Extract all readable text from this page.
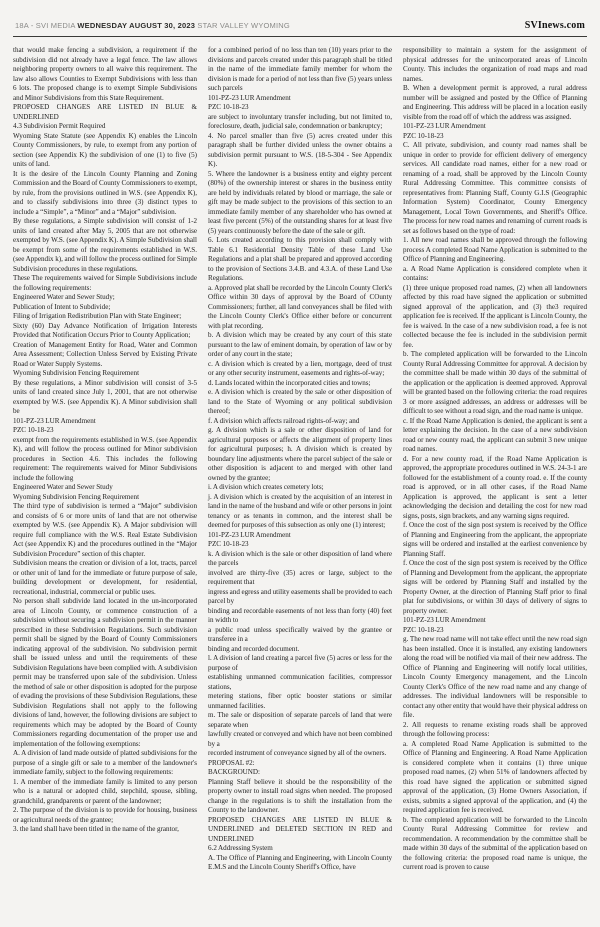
18A - SVI MEDIA WEDNESDAY AUGUST 30, 2023 STAR VALLEY WYOMING	SVInews.com

that would make fencing a subdivision, a requirement if the subdivision did not already have a legal fence. The law allows neighboring property owners to all waive this requirement. The law also allows Counties to Exempt Subdivisions with less than 6 lots. The proposed change is to exempt Simple Subdivisions and Minor Subdivisions from this State Requirement.

PROPOSED CHANGES ARE LISTED IN BLUE & UNDERLINED

4.3 Subdivision Permit Required

Wyoming State Statute (see Appendix K) enables the Lincoln County Commissioners, by rule, to exempt from any portion of section (see Appendix K) the subdivision of one (1) to five (5) units of land.

It is the desire of the Lincoln County Planning and Zoning Commission and the Board of County Commissioners to exempt, by rule, from the provisions outlined in W.S. (see Appendix K), and to classify subdivisions into three (3) distinct types to include a “Simple”, a “Minor” and a “Major” subdivision.

By these regulations, a Simple subdivision will consist of 1-2 units of land created after May 5, 2005 that are not otherwise exempted by W.S. (see Appendix K). A Simple Subdivision shall be exempt from some of the requirements established in W.S. (see Appendix k), and will follow the process outlined for Simple Subdivision procedures in these regulations.

These The requirements waived for Simple Subdivisions include the following requirements:

Engineered Water and Sewer Study;

Publication of Intent to Subdivide;

Filing of Irrigation Redistribution Plan with State Engineer;

Sixty (60) Day Advance Notification of Irrigation Interests Provided that Notification Occurs Prior to County Application;

Creation of Management Entity for Road, Water and Common Area Assessment; Collection Unless Served by Existing Private Road or Water Supply Systems.

Wyoming Subdivision Fencing Requirement

By these regulations, a Minor subdivision will consist of 3-5 units of land created since July 1, 2001, that are not otherwise exempted by W.S. (see Appendix K). A Minor subdivision shall be

101-PZ-23 LUR Amendment

PZC 10-18-23

exempt from the requirements established in W.S. (see Appendix K), and will follow the process outlined for Minor subdivision procedures in Section 4.6. This includes the following requirement: The requirements waived for Minor Subdivisions include the following

Engineered Water and Sewer Study

Wyoming Subdivision Fencing Requirement

The third type of subdivision is termed a “Major” subdivision and consists of 6 or more units of land that are not otherwise exempted by W.S. (see Appendix K). A Major subdivision will require full compliance with the W.S. Real Estate Subdivision Act (see Appendix K) and the procedures outlined in the “Major Subdivision Procedure” section of this chapter.

Subdivision means the creation or division of a lot, tracts, parcel or other unit of land for the immediate or future purpose of sale, building development or development, for residential, recreational, industrial, commercial or public uses.

No person shall subdivide land located in the un-incorporated area of Lincoln County, or commence construction of a subdivision without securing a subdivision permit in the manner prescribed in these Subdivision Regulations. Such subdivision permit shall be signed by the Board of County Commissioners indicating approval of the subdivision. No subdivision permit shall be issued unless and until the requirements of these Subdivision Regulations have been complied with. A subdivision permit may be transferred upon sale of the subdivision. Unless the method of sale or other disposition is adopted for the purpose of evading the provisions of these Subdivision Regulations, these Subdivision Regulations shall not apply to the following divisions of land, however, the following divisions are subject to requirements which may be adopted by the Board of County Commissioners regarding documentation of the proper use and implementation of the following exemptions:

A. A division of land made outside of platted subdivisions for the purpose of a single gift or sale to a member of the landowner's immediate family, subject to the following requirements:

1. A member of the immediate family is limited to any person who is a natural or adopted child, stepchild, spouse, sibling, grandchild, grandparents or parent of the landowner;

2. The purpose of the division is to provide for housing, business or agricultural needs of the grantee;

3. the land shall have been titled in the name of the grantor,

for a combined period of no less than ten (10) years prior to the divisions and parcels created under this paragraph shall be titled in the name of the immediate family member for whom the division is made for a period of not less than five (5) years unless such parcels

101-PZ-23 LUR Amendment

PZC 10-18-23

are subject to involuntary transfer including, but not limited to, foreclosure, death, judicial sale, condemnation or bankruptcy;

4. No parcel smaller than five (5) acres created under this paragraph shall be further divided unless the owner obtains a subdivision permit pursuant to W.S. (18-5-304 - See Appendix K).

5. Where the landowner is a business entity and eighty percent (80%) of the ownership interest or shares in the business entity are held by individuals related by blood or marriage, the sale or gift may be made subject to the provisions of this section to an immediate family member of any shareholder who has owned at least five percent (5%) of the outstanding shares for at least five (5) years continuously before the date of the sale or gift.

6. Lots created according to this provision shall comply with Table 6.1 Residential Density Table of these Land Use Regulations and a plat shall be prepared and approved according to the provision of Sections 3.4.B. and 4.3.A. of these Land Use Regulations.

a. Approved plat shall be recorded by the Lincoln County Clerk's Office within 30 days of approval by the Board of COunty Commissioners; further, all land conveyances shall be filed with the Lincoln County Clerk's Office either before or concurrent with plat recording.

b. A division which may be created by any court of this state pursuant to the law of eminent domain, by operation of law or by order of any court in the state;

c. A division which is created by a lien, mortgage, deed of trust or any other security instrument, easements and rights-of-way;

d. Lands located within the incorporated cities and towns;

e. A division which is created by the sale or other disposition of land to the State of Wyoming or any political subdivision thereof;

f. A division which affects railroad rights-of-way; and

g. A division which is a sale or other disposition of land for agricultural purposes or affects the alignment of property lines for agricultural purposes; h. A division which is created by boundary line adjustments where the parcel subject of the sale or other disposition is adjacent to and merged with other land owned by the grantee;

i. A division which creates cemetery lots;

j. A division which is created by the acquisition of an interest in land in the name of the husband and wife or other persons in joint tenancy or as tenants in common, and the interest shall be deemed for purposes of this subsection as only one (1) interest;

101-PZ-23 LUR Amendment

PZC 10-18-23

k. A division which is the sale or other disposition of land where the parcels

involved are thirty-five (35) acres or large, subject to the requirement that

ingress and egress and utility easements shall be provided to each parcel by

binding and recordable easements of not less than forty (40) feet in width to

a public road unless specifically waived by the grantee or transferee in a

binding and recorded document.

l. A division of land creating a parcel five (5) acres or less for the purpose of

establishing unmanned communication facilities, compressor stations,

metering stations, fiber optic booster stations or similar unmanned facilities.

m. The sale or disposition of separate parcels of land that were separate when

lawfully created or conveyed and which have not been combined by a

recorded instrument of conveyance signed by all of the owners.

PROPOSAL #2:

BACKGROUND:

Planning Staff believe it should be the responsibility of the property owner to install road signs when needed. The proposed change in the regulations is to shift the installation from the County to the landowner.

PROPOSED CHANGES ARE LISTED IN BLUE & UNDERLINED and DELETED SECTION IN RED and UNDERLINED

6.2 Addressing System

A. The Office of Planning and Engineering, with Lincoln County E.M.S and the Lincoln County Sheriff's Office, have

responsibility to maintain a system for the assignment of physical addresses for the unincorporated areas of Lincoln County. This includes the organization of road maps and road names.

B. When a development permit is approved, a rural address number will be assigned and posted by the Office of Planning and Engineering. This address will be placed in a location easily visible from the road off of which the address was assigned.

101-PZ-23 LUR Amendment

PZC 10-18-23

C. All private, subdivision, and county road names shall be unique in order to provide for efficient delivery of emergency services. All candidate road names, either for a new road or renaming of a road, shall be approved by the Lincoln County Rural Addressing Committee. This committee consists of representatives from: Planning Staff, County G.I.S (Geographic Information System) Coordinator, County Emergency Management, Local Town Governments, and Sheriff's Office. The process for new road names and renaming of current roads is set as follows based on the type of road:

1. All new road names shall be approved through the following process A completed Road Name Application is submitted to the Office of Planning and Engineering.

a. A Road Name Application is considered complete when it contains:

(1) three unique proposed road names, (2) when all landowners affected by this road have signed the application or submitted signed approval of the application, and (3) the3 required application fee is received. If the applicant is Lincoln County, the fee is waived. In the case of a new subdivision road, a fee is not collected because the fee is included in the subdivision permit fee.

b. The completed application will be forwarded to the Lincoln County Rural Addressing Committee for approval. A decision by the committee shall be made within 30 days of the submittal of the application or the application is deemed approved. Approval will be granted based on the following criteria: the road requires 3 or more assigned addresses, an address or addresses will be difficult to see without a road sign, and the road name is unique.

c. If the Road Name Application is denied, the applicant is sent a letter explaining the decision. In the case of a new subdivision road or new county road, the applicant can submit 3 new unique road names.

d. For a new county road, if the Road Name Application is approved, the appropriate procedures outlined in W.S. 24-3-1 are followed for the establishment of a county road. e. If the county road is approved, or in all other cases, if the Road Name Application is approved, the applicant is sent a letter acknowledging the decision and detailing the cost for new road signs, posts, sign brackets, and any warning signs required.

f. Once the cost of the sign post system is received by the Office of Planning and Engineering from the applicant, the appropriate signs will be ordered and installed at the earliest convenience by Planning Staff.

f. Once the cost of the sign post system is received by the Office of Planning and Development from the applicant, the appropriate signs will be ordered by Planning Staff and installed by the Property Owner, at the direction of Planning Staff prior to final plat for subdivisions, or within 30 days of delivery of signs to property owner.

101-PZ-23 LUR Amendment

PZC 10-18-23

g. The new road name will not take effect until the new road sign has been installed. Once it is installed, any existing landowners along the road will be notified via mail of their new address. The Office of Planning and Engineering will notify local utilities, Lincoln County Emergency management, and the Lincoln County Clerk's Office of the new road name and any change of addresses. The individual landowners will be responsible to contact any other entity that would have their physical address on file.

2. All requests to rename existing roads shall be approved through the following process:

a. A completed Road Name Application is submitted to the Office of Planning and Engineering. A Road Name Application is considered complete when it contains (1) three unique proposed road names, (2) when 51% of landowners affected by this road have signed the application or submitted signed approval of the application, (3) Home Owners Association, if exists, submits a signed approval of the application, and (4) the required application fee is received.

b. The completed application will be forwarded to the Lincoln County Rural Addressing Committee for review and recommendation. A recommendation by the committee shall be made within 30 days of the submittal of the application based on the following criteria: the proposed road name is unique, the current road is proven to cause
